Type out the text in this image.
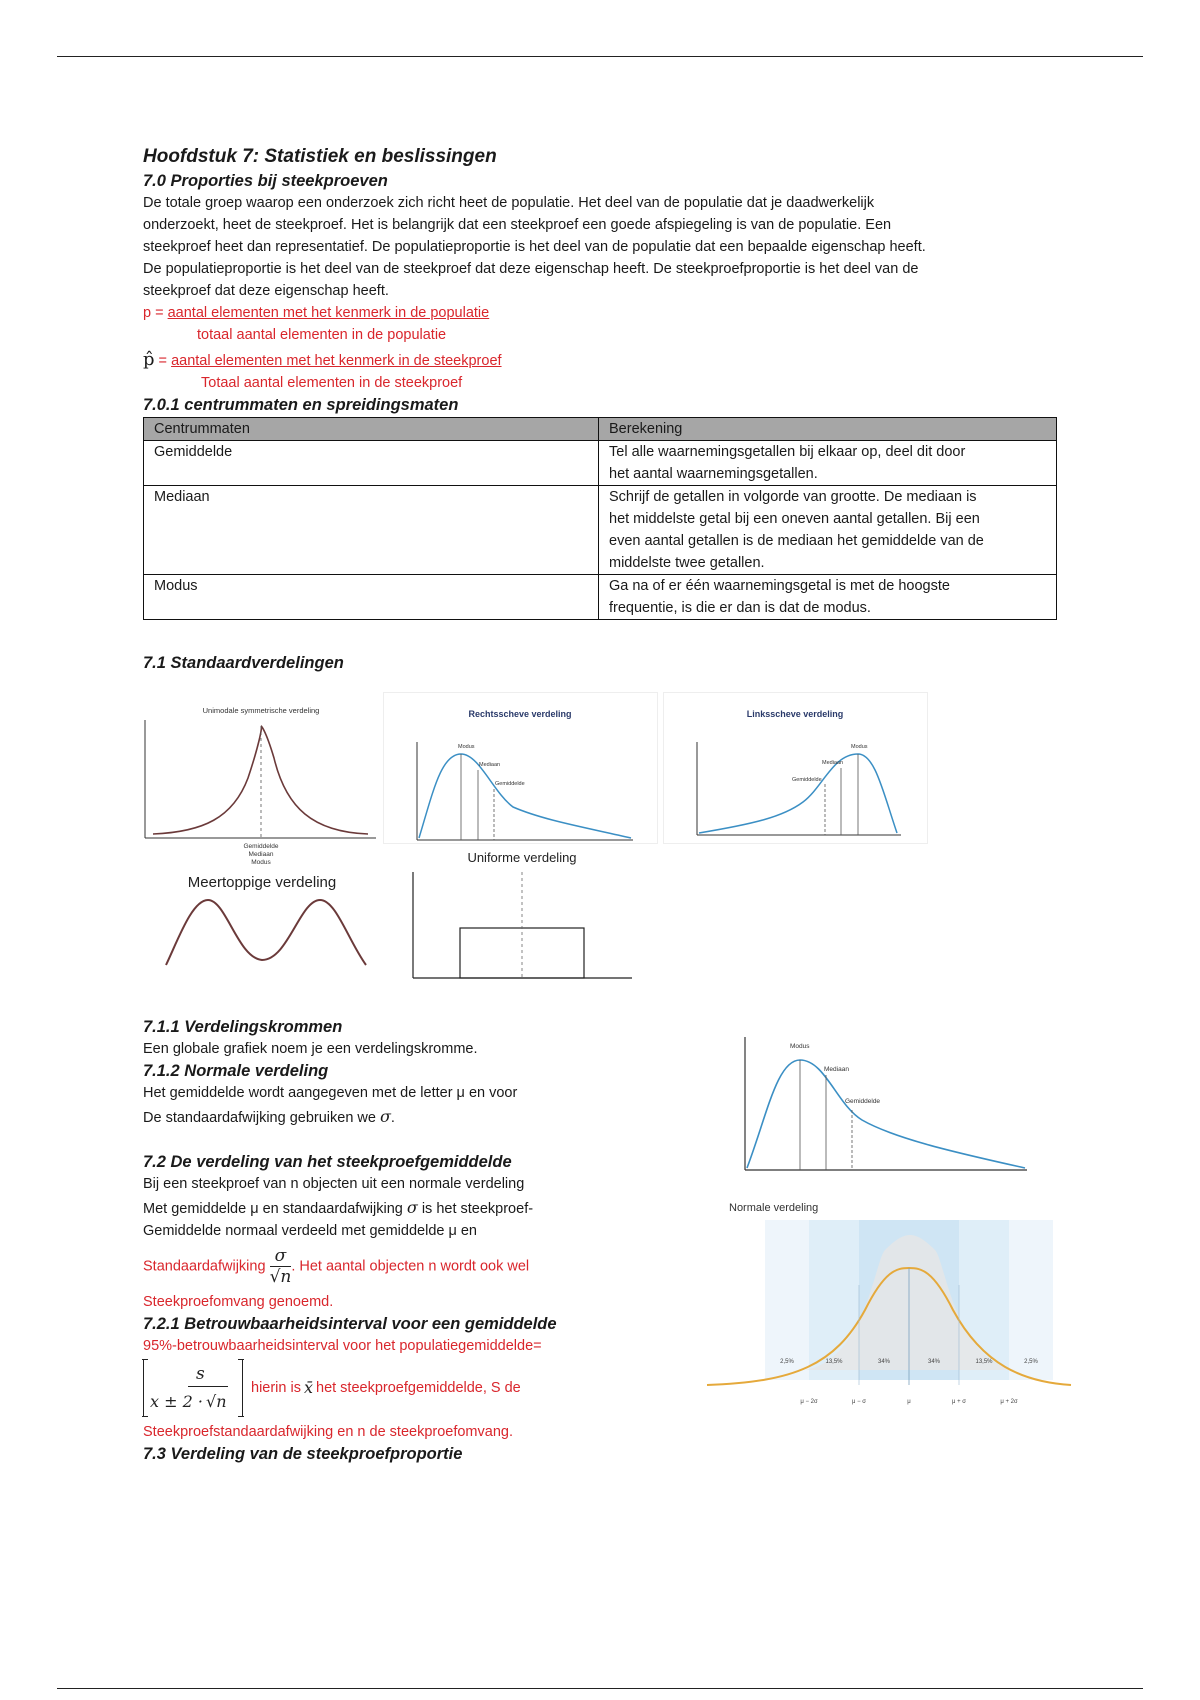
Hoofdstuk 7: Statistiek en beslissingen
7.0 Proporties bij steekproeven

De totale groep waarop een onderzoek zich richt heet de populatie. Het deel van de populatie dat je daadwerkelijk

onderzoekt, heet de steekproef. Het is belangrijk dat een steekproef een goede afspiegeling is van de populatie. Een

steekproef heet dan representatief. De populatieproportie is het deel van de populatie dat een bepaalde eigenschap heeft.

De populatieproportie is het deel van de steekproef dat deze eigenschap heeft. De steekproefproportie is het deel van de

steekproef dat deze eigenschap heeft.

p = aantal elementen met het kenmerk in de populatie

totaal aantal elementen in de populatie

p̂ = aantal elementen met het kenmerk in de steekproef

Totaal aantal elementen in de steekproef

7.0.1 centrummaten en spreidingsmaten
Centrummaten	Berekening
Gemiddelde	Tel alle waarnemingsgetallen bij elkaar op, deel dit door
het aantal waarnemingsgetallen.

Mediaan	Schrijf de getallen in volgorde van grootte. De mediaan is
het middelste getal bij een oneven aantal getallen. Bij een
even aantal getallen is de mediaan het gemiddelde van de
middelste twee getallen.

Modus	Ga na of er één waarnemingsgetal is met de hoogste
frequentie, is die er dan is dat de modus.
7.1 Standaardverdelingen
Unimodale symmetrische verdeling
Gemiddelde
Mediaan
Modus
Rechtsscheve verdeling
Modus
Mediaan
Gemiddelde
Linksscheve verdeling
Modus
Mediaan
Gemiddelde
Meertoppige verdeling
Uniforme verdeling
7.1.1 Verdelingskrommen

Een globale grafiek noem je een verdelingskromme.

7.1.2 Normale verdeling

Het gemiddelde wordt aangegeven met de letter μ en voor

De standaardafwijking gebruiken we σ.

7.2 De verdeling van het steekproefgemiddelde

Bij een steekproef van n objecten uit een normale verdeling

Met gemiddelde μ en standaardafwijking σ is het steekproef-

Gemiddelde normaal verdeeld met gemiddelde μ en

Standaardafwijking $\frac{\sigma}{√n}$ . Het aantal objecten n wordt ook wel

Steekproefomvang genoemd.

7.2.1 Betrouwbaarheidsinterval voor een gemiddelde

95%-betrouwbaarheidsinterval voor het populatiegemiddelde=

s
x ± 2 · √n
hierin is x̄ het steekproefgemiddelde, S de

Steekproefstandaardafwijking en n de steekproefomvang.

7.3 Verdeling van de steekproefproportie
Modus
Mediaan
Gemiddelde
Normale verdeling
2,5%	13,5%	34%	34%	13,5%	2,5%
μ − 2σ	μ − σ	μ	μ + σ	μ + 2σ
